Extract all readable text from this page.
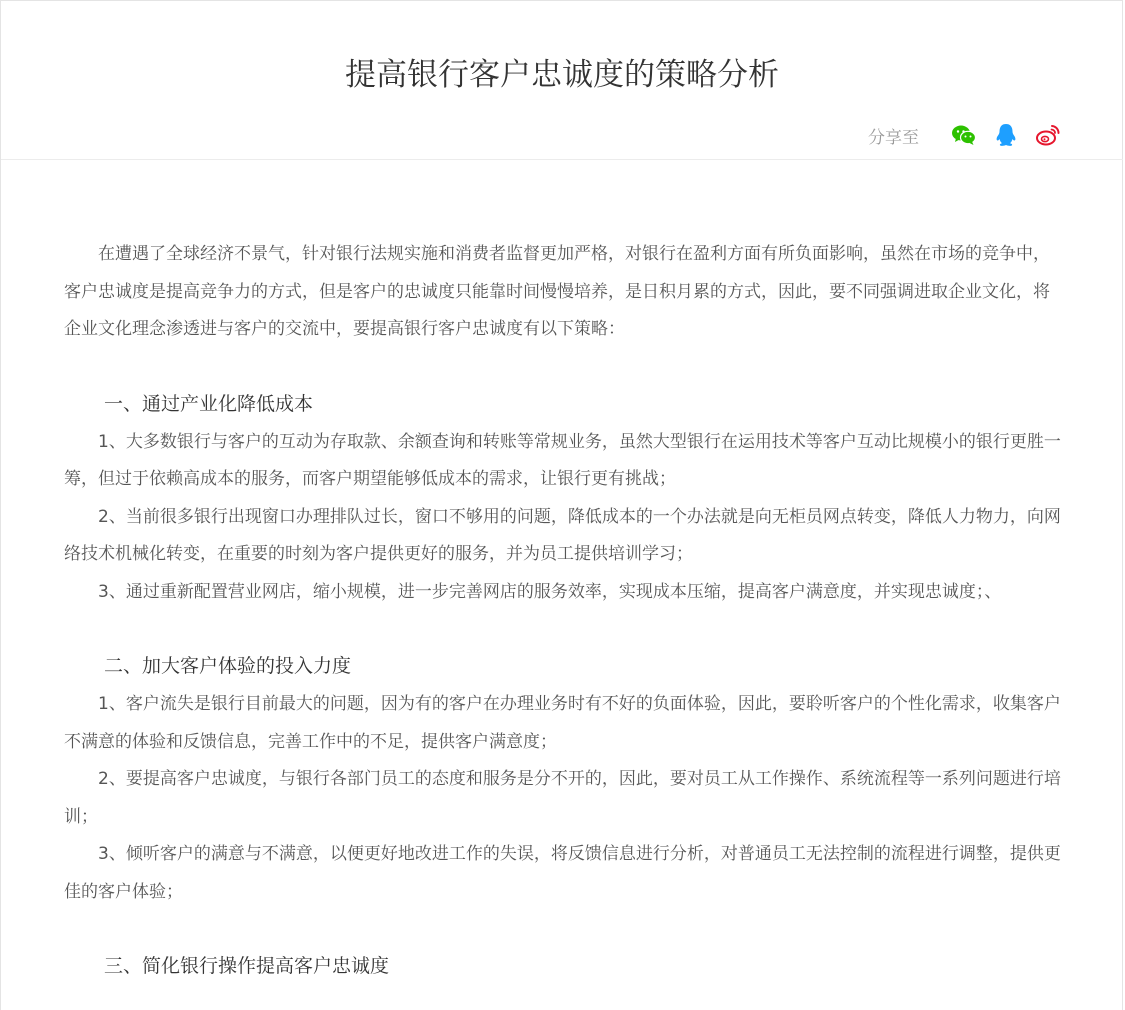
提高银行客户忠诚度的策略分析
分享至

在遭遇了全球经济不景气，针对银行法规实施和消费者监督更加严格，对银行在盈利方面有所负面影响，虽然在市场的竞争中，客户忠诚度是提高竞争力的方式，但是客户的忠诚度只能靠时间慢慢培养，是日积月累的方式，因此，要不同强调进取企业文化，将企业文化理念渗透进与客户的交流中，要提高银行客户忠诚度有以下策略：

一、通过产业化降低成本

1、大多数银行与客户的互动为存取款、余额查询和转账等常规业务，虽然大型银行在运用技术等客户互动比规模小的银行更胜一筹，但过于依赖高成本的服务，而客户期望能够低成本的需求，让银行更有挑战；

2、当前很多银行出现窗口办理排队过长，窗口不够用的问题，降低成本的一个办法就是向无柜员网点转变，降低人力物力，向网络技术机械化转变，在重要的时刻为客户提供更好的服务，并为员工提供培训学习；

3、通过重新配置营业网店，缩小规模，进一步完善网店的服务效率，实现成本压缩，提高客户满意度，并实现忠诚度；、

二、加大客户体验的投入力度

1、客户流失是银行目前最大的问题，因为有的客户在办理业务时有不好的负面体验，因此，要聆听客户的个性化需求，收集客户不满意的体验和反馈信息，完善工作中的不足，提供客户满意度；

2、要提高客户忠诚度，与银行各部门员工的态度和服务是分不开的，因此，要对员工从工作操作、系统流程等一系列问题进行培训；

3、倾听客户的满意与不满意，以便更好地改进工作的失误，将反馈信息进行分析，对普通员工无法控制的流程进行调整，提供更佳的客户体验；

三、简化银行操作提高客户忠诚度
